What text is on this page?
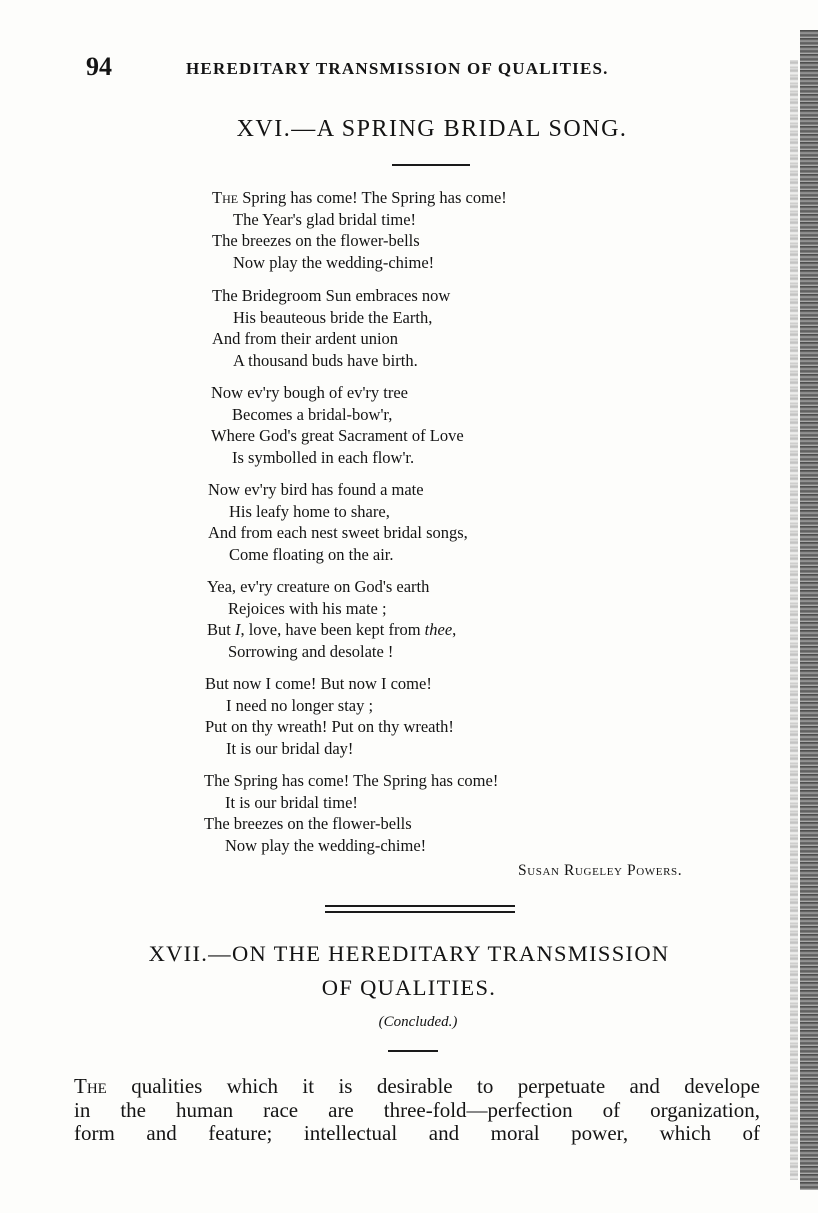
94	HEREDITARY TRANSMISSION OF QUALITIES.
XVI.—A SPRING BRIDAL SONG.
The Spring has come! The Spring has come!
The Year's glad bridal time!
The breezes on the flower-bells
Now play the wedding-chime!
The Bridegroom Sun embraces now
His beauteous bride the Earth,
And from their ardent union
A thousand buds have birth.
Now ev'ry bough of ev'ry tree
Becomes a bridal-bow'r,
Where God's great Sacrament of Love
Is symbolled in each flow'r.
Now ev'ry bird has found a mate
His leafy home to share,
And from each nest sweet bridal songs,
Come floating on the air.
Yea, ev'ry creature on God's earth
Rejoices with his mate ;
But I, love, have been kept from thee,
Sorrowing and desolate !
But now I come! But now I come!
I need no longer stay ;
Put on thy wreath! Put on thy wreath!
It is our bridal day!
The Spring has come! The Spring has come!
It is our bridal time!
The breezes on the flower-bells
Now play the wedding-chime!
Susan Rugeley Powers.
XVII.—ON THE HEREDITARY TRANSMISSION
OF QUALITIES.
(Concluded.)
The qualities which it is desirable to perpetuate and develope
in the human race are three-fold—perfection of organization,
form and feature; intellectual and moral power, which of
